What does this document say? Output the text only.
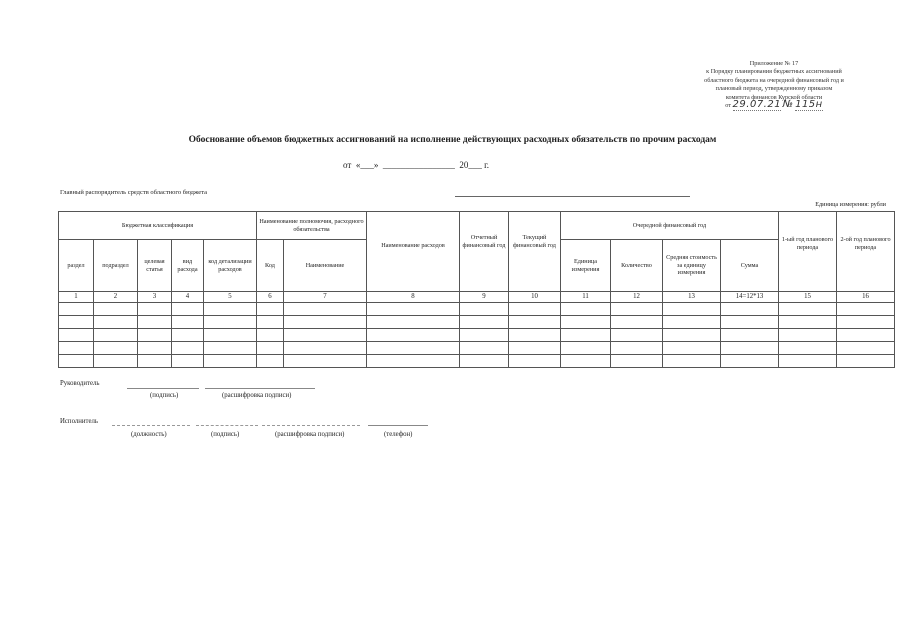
Приложение № 17
к Порядку планирования бюджетных ассигнований
областного бюджета на очередной финансовый год и
плановый период, утвержденному приказом
комитета финансов Курской области
от 29.07.21 № 115н
Обоснование объемов бюджетных ассигнований на исполнение действующих расходных обязательств по прочим расходам
от  «___»  ________________  20___ г.
Главный распорядитель средств областного бюджета
Единица измерения: рубли
Бюджетная классификация					Наименование полномочия, расходного обязательства		Наименование расходов	Отчетный финансовый год	Текущий финансовый год	Очередной финансовый год				1-ый год планового периода	2-ой год планового периода
раздел	подраздел	целевая статья	вид расхода	код детализации расходов	Код	Наименование				Единица измерения	Количество	Средняя стоимость за единицу измерения	Сумма		
1	2	3	4	5	6	7	8	9	10	11	12	13	14=12*13	15	16

Руководитель
(подпись)	(расшифровка подписи)
Исполнитель
(должность)	(подпись)	(расшифровка подписи)	(телефон)
